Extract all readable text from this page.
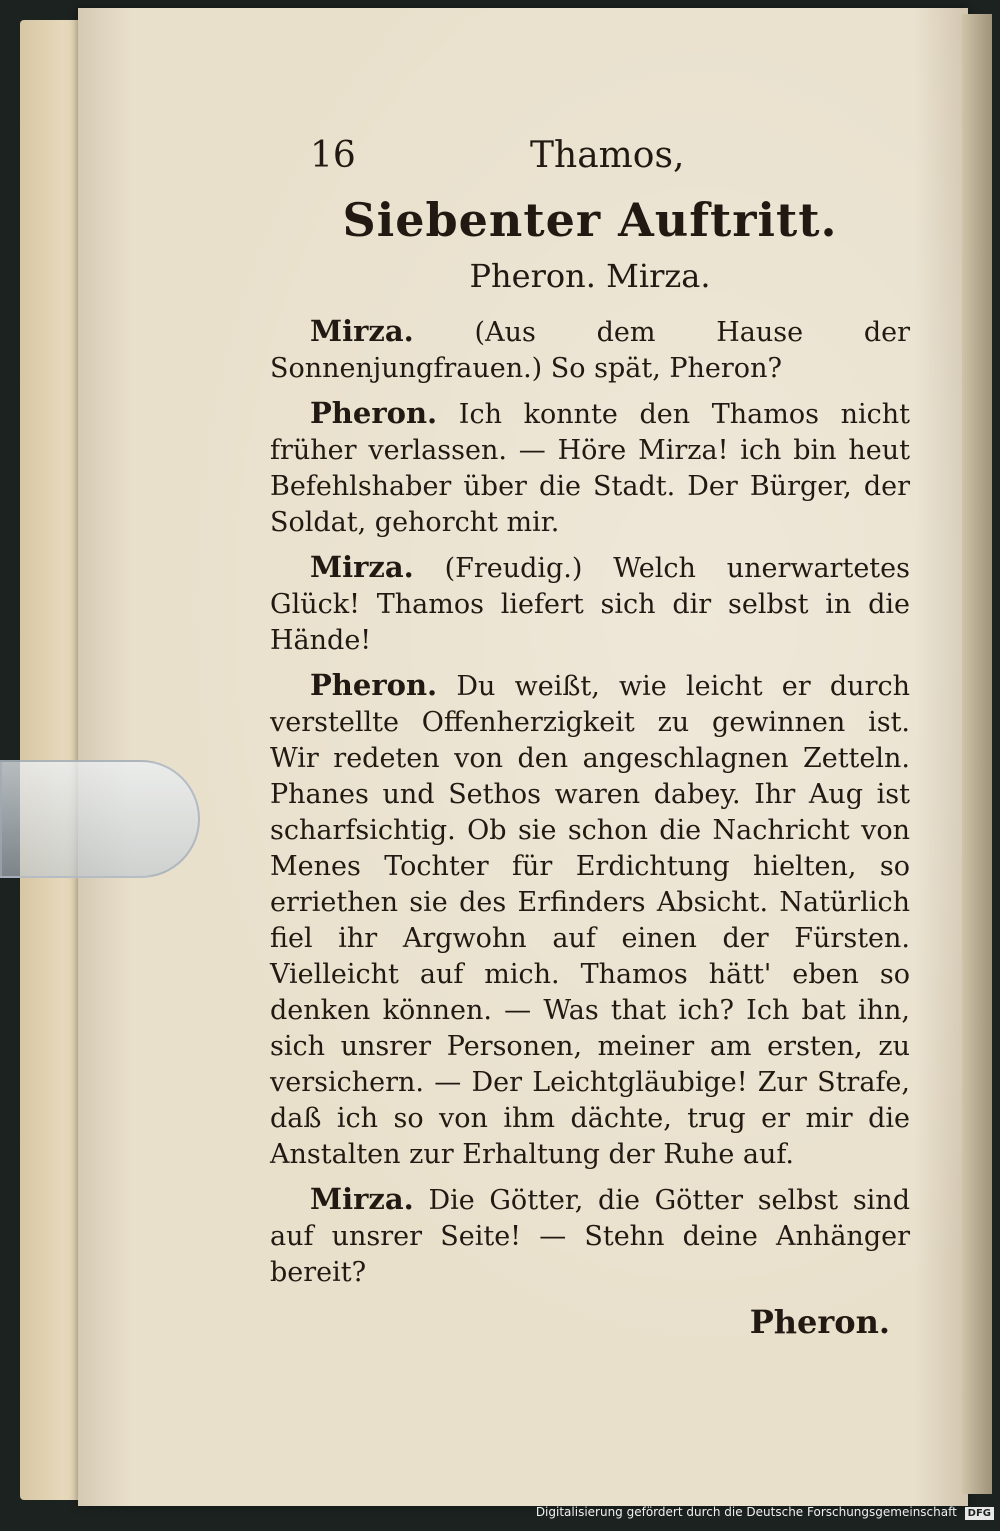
16	Thamos,
Siebenter Auftritt.
Pheron. Mirza.

Mirza. (Aus dem Hause der Sonnenjungfrauen.) So spät, Pheron?

Pheron. Ich konnte den Thamos nicht früher verlassen. — Höre Mirza! ich bin heut Befehlshaber über die Stadt. Der Bürger, der Soldat, gehorcht mir.

Mirza. (Freudig.) Welch unerwartetes Glück! Thamos liefert sich dir selbst in die Hände!

Pheron. Du weißt, wie leicht er durch verstellte Offenherzigkeit zu gewinnen ist. Wir redeten von den angeschlagnen Zetteln. Phanes und Sethos waren dabey. Ihr Aug ist scharfsichtig. Ob sie schon die Nachricht von Menes Tochter für Erdichtung hielten, so erriethen sie des Erfinders Absicht. Natürlich fiel ihr Argwohn auf einen der Fürsten. Vielleicht auf mich. Thamos hätt' eben so denken können. — Was that ich? Ich bat ihn, sich unsrer Personen, meiner am ersten, zu versichern. — Der Leichtgläubige! Zur Strafe, daß ich so von ihm dächte, trug er mir die Anstalten zur Erhaltung der Ruhe auf.

Mirza. Die Götter, die Götter selbst sind auf unsrer Seite! — Stehn deine Anhänger bereit?

Pheron.
Digitalisierung gefördert durch die Deutsche Forschungsgemeinschaft DFG
